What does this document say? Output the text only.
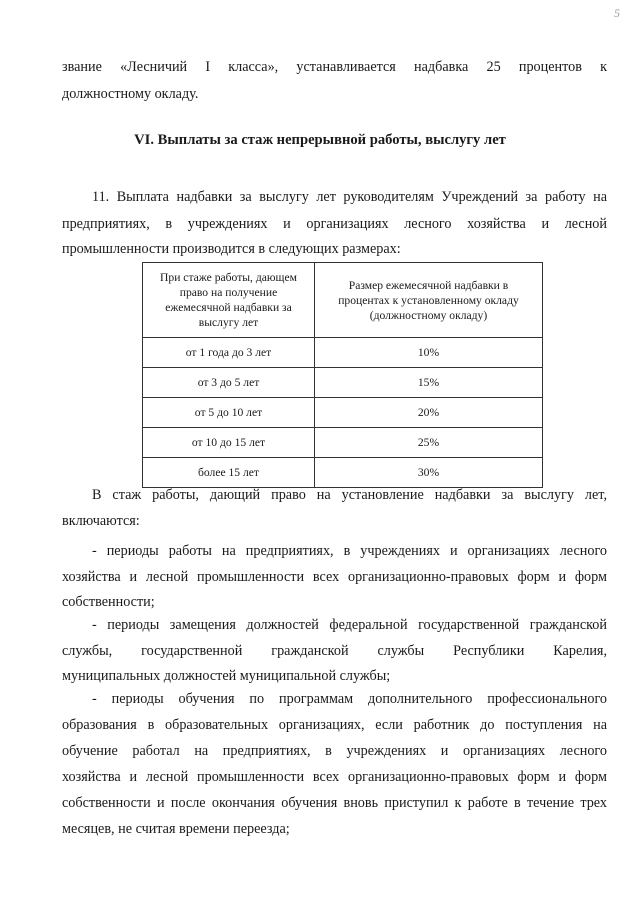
5

звание «Лесничий I класса», устанавливается надбавка 25 процентов к

должностному окладу.

VI. Выплаты за стаж непрерывной работы, выслугу лет

11. Выплата надбавки за выслугу лет руководителям Учреждений за работу на

предприятиях, в учреждениях и организациях лесного хозяйства и лесной

промышленности производится в следующих размерах:

При стаже работы, дающем
право на получение
ежемесячной надбавки за
выслугу лет	Размер ежемесячной надбавки в
процентах к установленному окладу
(должностному окладу)

от 1 года до 3 лет	10%
от 3 до 5 лет	15%
от 5 до 10 лет	20%
от 10 до 15 лет	25%
более 15 лет	30%

В стаж работы, дающий право на установление надбавки за выслугу лет,

включаются:

- периоды работы на предприятиях, в учреждениях и организациях лесного

хозяйства и лесной промышленности всех организационно-правовых форм и форм

собственности;

- периоды замещения должностей федеральной государственной гражданской

службы, государственной гражданской службы Республики Карелия,

муниципальных должностей муниципальной службы;

- периоды обучения по программам дополнительного профессионального

образования в образовательных организациях, если работник до поступления на

обучение работал на предприятиях, в учреждениях и организациях лесного

хозяйства и лесной промышленности всех организационно-правовых форм и форм

собственности и после окончания обучения вновь приступил к работе в течение трех

месяцев, не считая времени переезда;
